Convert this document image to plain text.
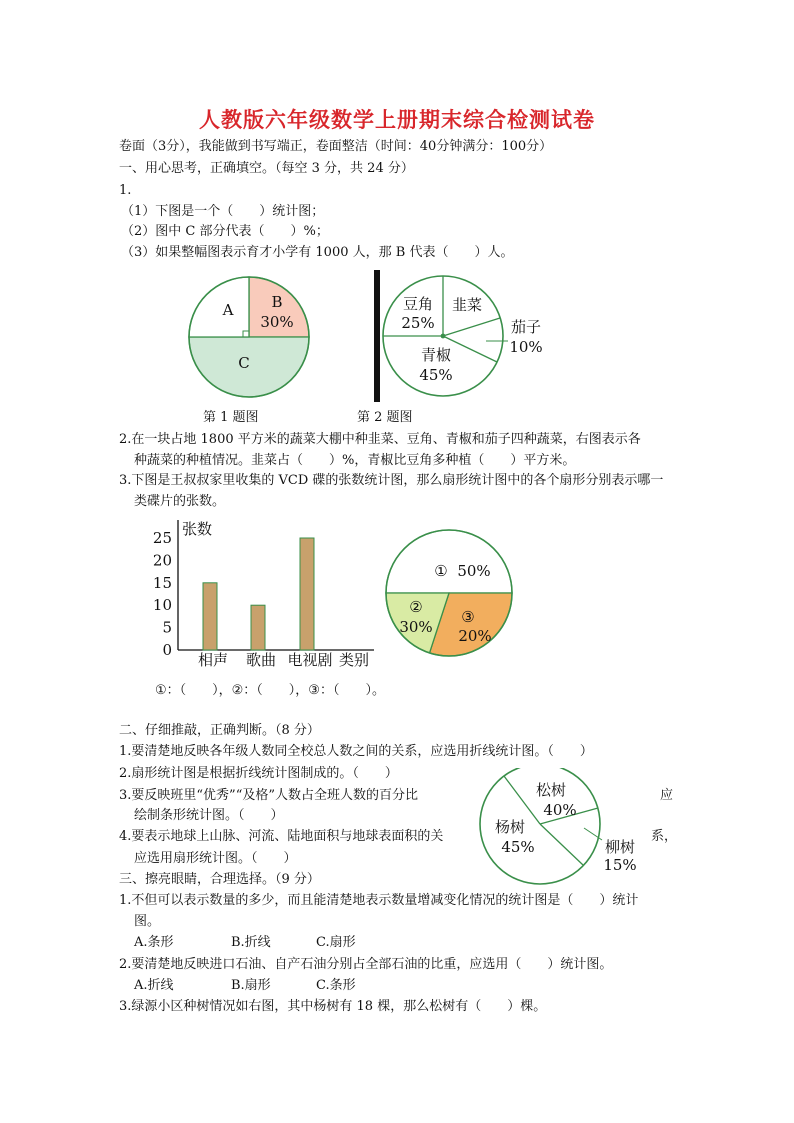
人教版六年级数学上册期末综合检测试卷
卷面（3分），我能做到书写端正，卷面整洁（时间：40分钟满分：100分）
一、用心思考，正确填空。（每空 3 分，共 24 分）
1.
（1）下图是一个（　　）统计图；
（2）图中 C 部分代表（　　）%；
（3）如果整幅图表示育才小学有 1000 人，那 B 代表（　　）人。
A	B
30%
C
豆角
25%
韭菜
茄子
10%
青椒
45%
第 1 题图	第 2 题图
2.在一块占地 1800 平方米的蔬菜大棚中种韭菜、豆角、青椒和茄子四种蔬菜，右图表示各
种蔬菜的种植情况。韭菜占（　　）%，青椒比豆角多种植（　　）平方米。
3.下图是王叔叔家里收集的 VCD 碟的张数统计图，那么扇形统计图中的各个扇形分别表示哪一
类碟片的张数。
张数
0
5
10
15
20
25
相声 歌曲 电视剧 类别
① 50%
②
30%
③
20%
①：（　　），②：（　　），③：（　　）。
二、仔细推敲，正确判断。（8 分）
1.要清楚地反映各年级人数同全校总人数之间的关系，应选用折线统计图。（　　）
2.扇形统计图是根据折线统计图制成的。（　　）
3.要反映班里“优秀”“及格”人数占全班人数的百分比	应
绘制条形统计图。（　　）
4.要表示地球上山脉、河流、陆地面积与地球表面积的关	系，
应选用扇形统计图。（　　）
松树
40%
柳树
15%
杨树
45%
三、擦亮眼睛，合理选择。（9 分）
1.不但可以表示数量的多少，而且能清楚地表示数量增减变化情况的统计图是（　　）统计
图。
A.条形	B.折线	C.扇形
2.要清楚地反映进口石油、自产石油分别占全部石油的比重，应选用（　　）统计图。
A.折线	B.扇形	C.条形
3.绿源小区种树情况如右图，其中杨树有 18 棵，那么松树有（　　）棵。
